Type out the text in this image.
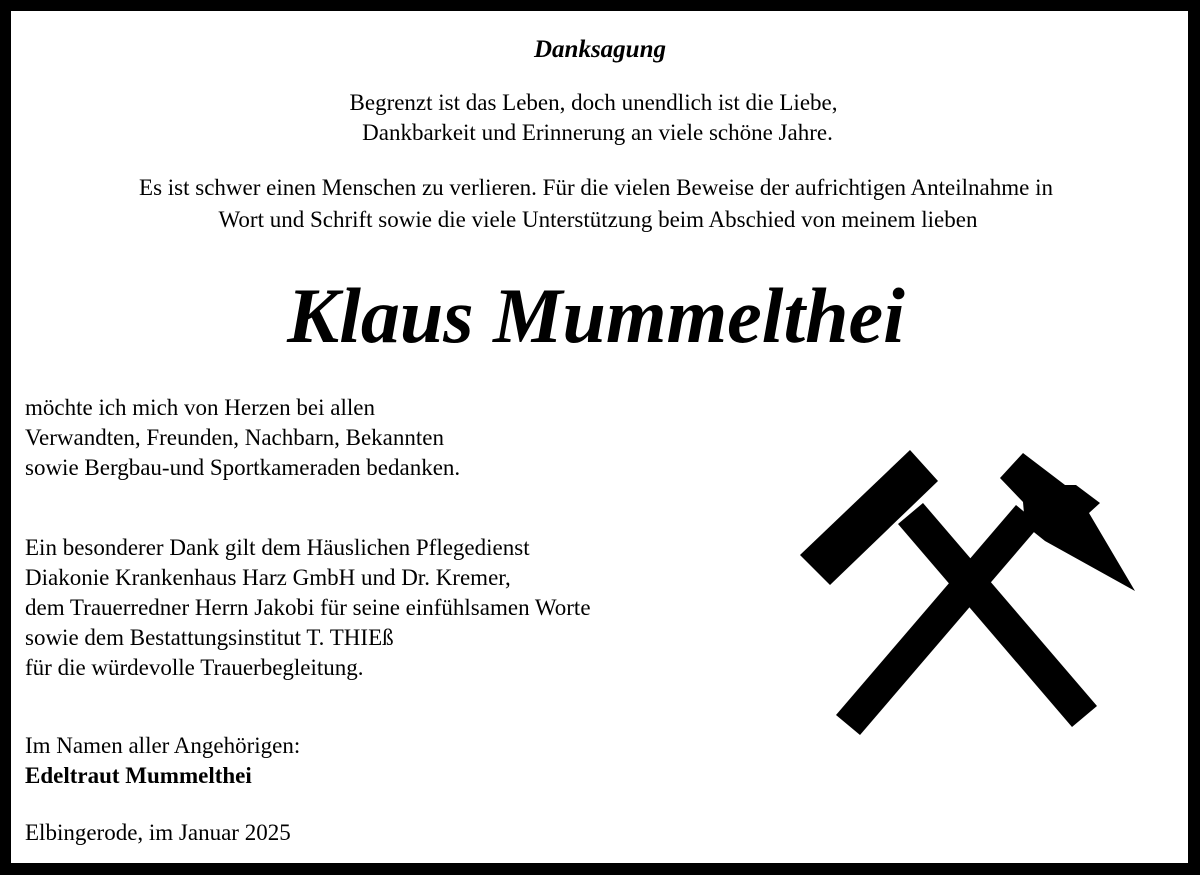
Danksagung
Begrenzt ist das Leben, doch unendlich ist die Liebe,
Dankbarkeit und Erinnerung an viele schöne Jahre.
Es ist schwer einen Menschen zu verlieren. Für die vielen Beweise der aufrichtigen Anteilnahme in
Wort und Schrift sowie die viele Unterstützung beim Abschied von meinem lieben
Klaus Mummelthei
möchte ich mich von Herzen bei allen
Verwandten, Freunden, Nachbarn, Bekannten
sowie Bergbau-und Sportkameraden bedanken.
Ein besonderer Dank gilt dem Häuslichen Pflegedienst
Diakonie Krankenhaus Harz GmbH und Dr. Kremer,
dem Trauerredner Herrn Jakobi für seine einfühlsamen Worte
sowie dem Bestattungsinstitut T. THIEß
für die würdevolle Trauerbegleitung.
Im Namen aller Angehörigen:
Edeltraut Mummelthei
Elbingerode, im Januar 2025
